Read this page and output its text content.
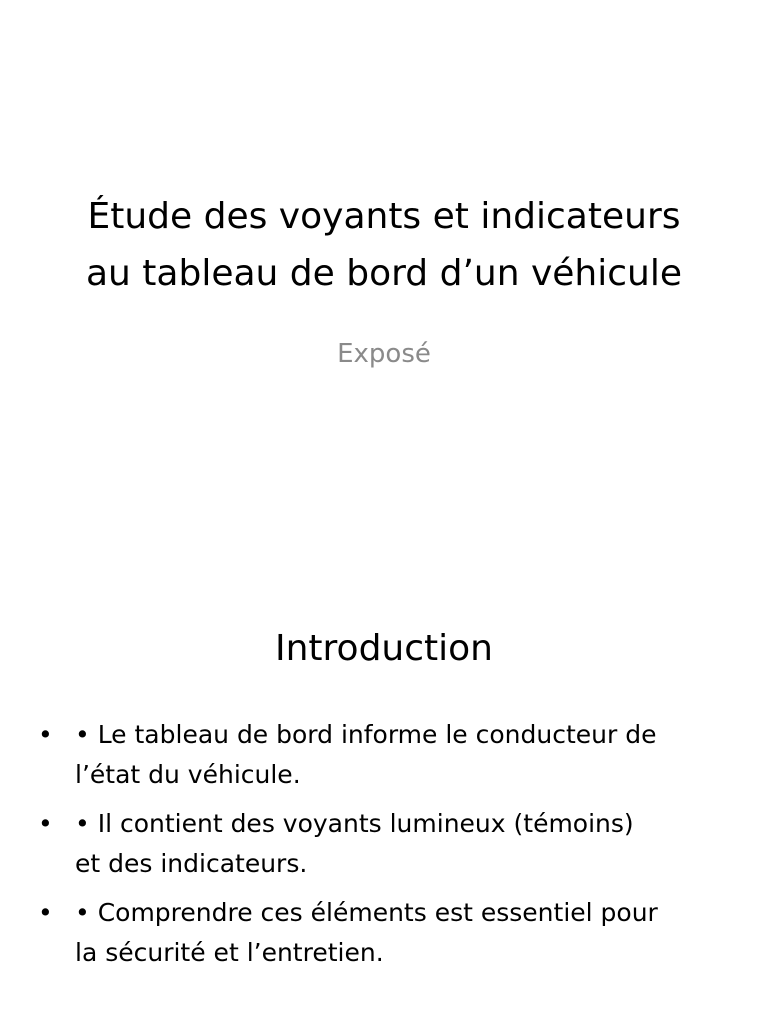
Étude des voyants et indicateurs
au tableau de bord d’un véhicule
Exposé
Introduction
• • Le tableau de bord informe le conducteur de
l’état du véhicule.
• • Il contient des voyants lumineux (témoins)
et des indicateurs.
• • Comprendre ces éléments est essentiel pour
la sécurité et l’entretien.
